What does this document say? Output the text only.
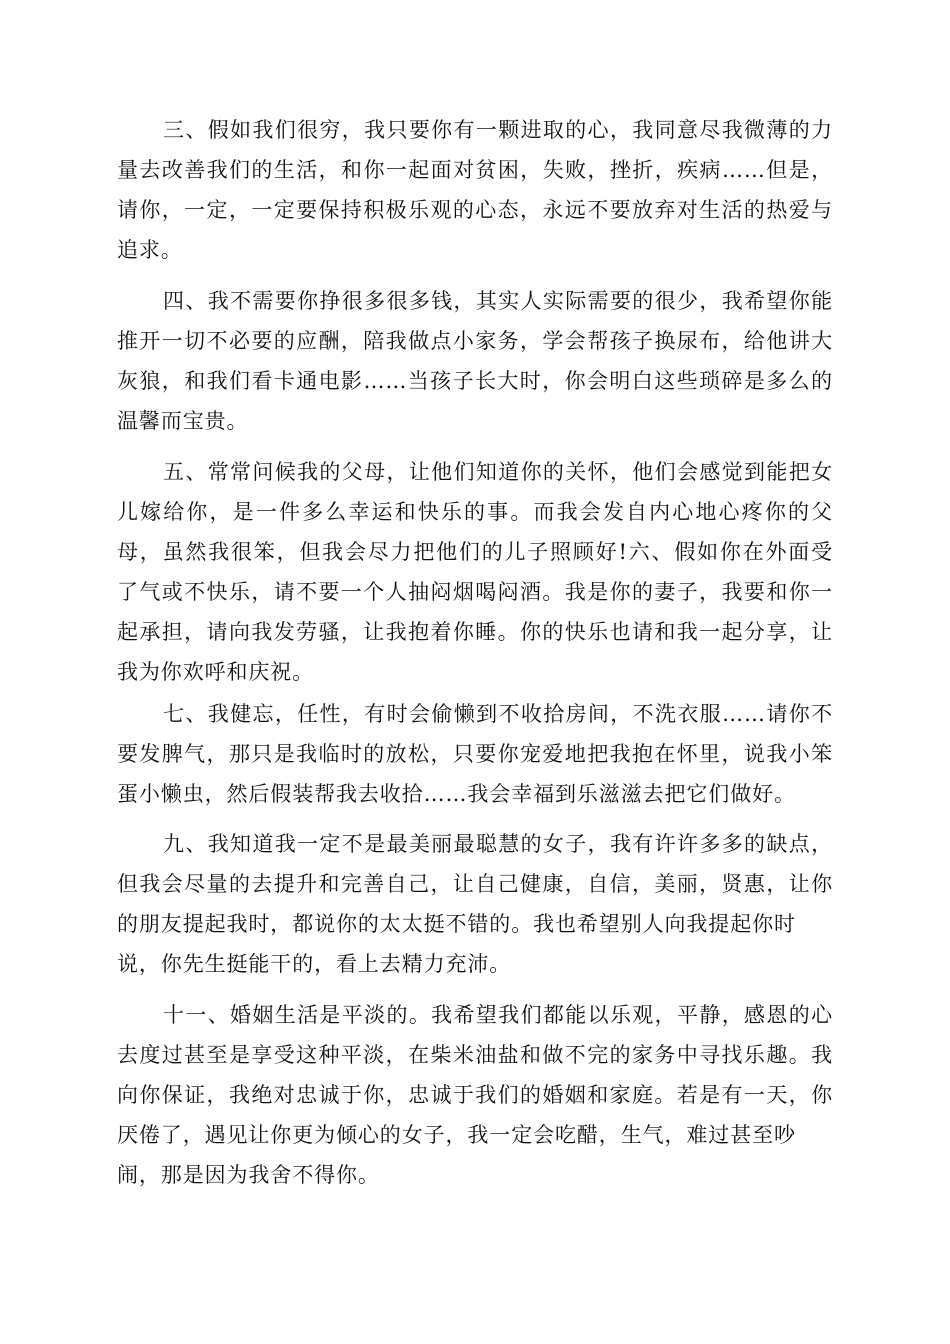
三、假如我们很穷，我只要你有一颗进取的心，我同意尽我微薄的力
量去改善我们的生活，和你一起面对贫困，失败，挫折，疾病……但是，
请你，一定，一定要保持积极乐观的心态，永远不要放弃对生活的热爱与
追求。
四、我不需要你挣很多很多钱，其实人实际需要的很少，我希望你能
推开一切不必要的应酬，陪我做点小家务，学会帮孩子换尿布，给他讲大
灰狼，和我们看卡通电影……当孩子长大时，你会明白这些琐碎是多么的
温馨而宝贵。
五、常常问候我的父母，让他们知道你的关怀，他们会感觉到能把女
儿嫁给你，是一件多么幸运和快乐的事。而我会发自内心地心疼你的父
母，虽然我很笨，但我会尽力把他们的儿子照顾好!六、假如你在外面受
了气或不快乐，请不要一个人抽闷烟喝闷酒。我是你的妻子，我要和你一
起承担，请向我发劳骚，让我抱着你睡。你的快乐也请和我一起分享，让
我为你欢呼和庆祝。
七、我健忘，任性，有时会偷懒到不收拾房间，不洗衣服……请你不
要发脾气，那只是我临时的放松，只要你宠爱地把我抱在怀里，说我小笨
蛋小懒虫，然后假装帮我去收拾……我会幸福到乐滋滋去把它们做好。
九、我知道我一定不是最美丽最聪慧的女子，我有许许多多的缺点，
但我会尽量的去提升和完善自己，让自己健康，自信，美丽，贤惠，让你
的朋友提起我时，都说你的太太挺不错的。我也希望别人向我提起你时
说，你先生挺能干的，看上去精力充沛。
十一、婚姻生活是平淡的。我希望我们都能以乐观，平静，感恩的心
去度过甚至是享受这种平淡，在柴米油盐和做不完的家务中寻找乐趣。我
向你保证，我绝对忠诚于你，忠诚于我们的婚姻和家庭。若是有一天，你
厌倦了，遇见让你更为倾心的女子，我一定会吃醋，生气，难过甚至吵
闹，那是因为我舍不得你。
